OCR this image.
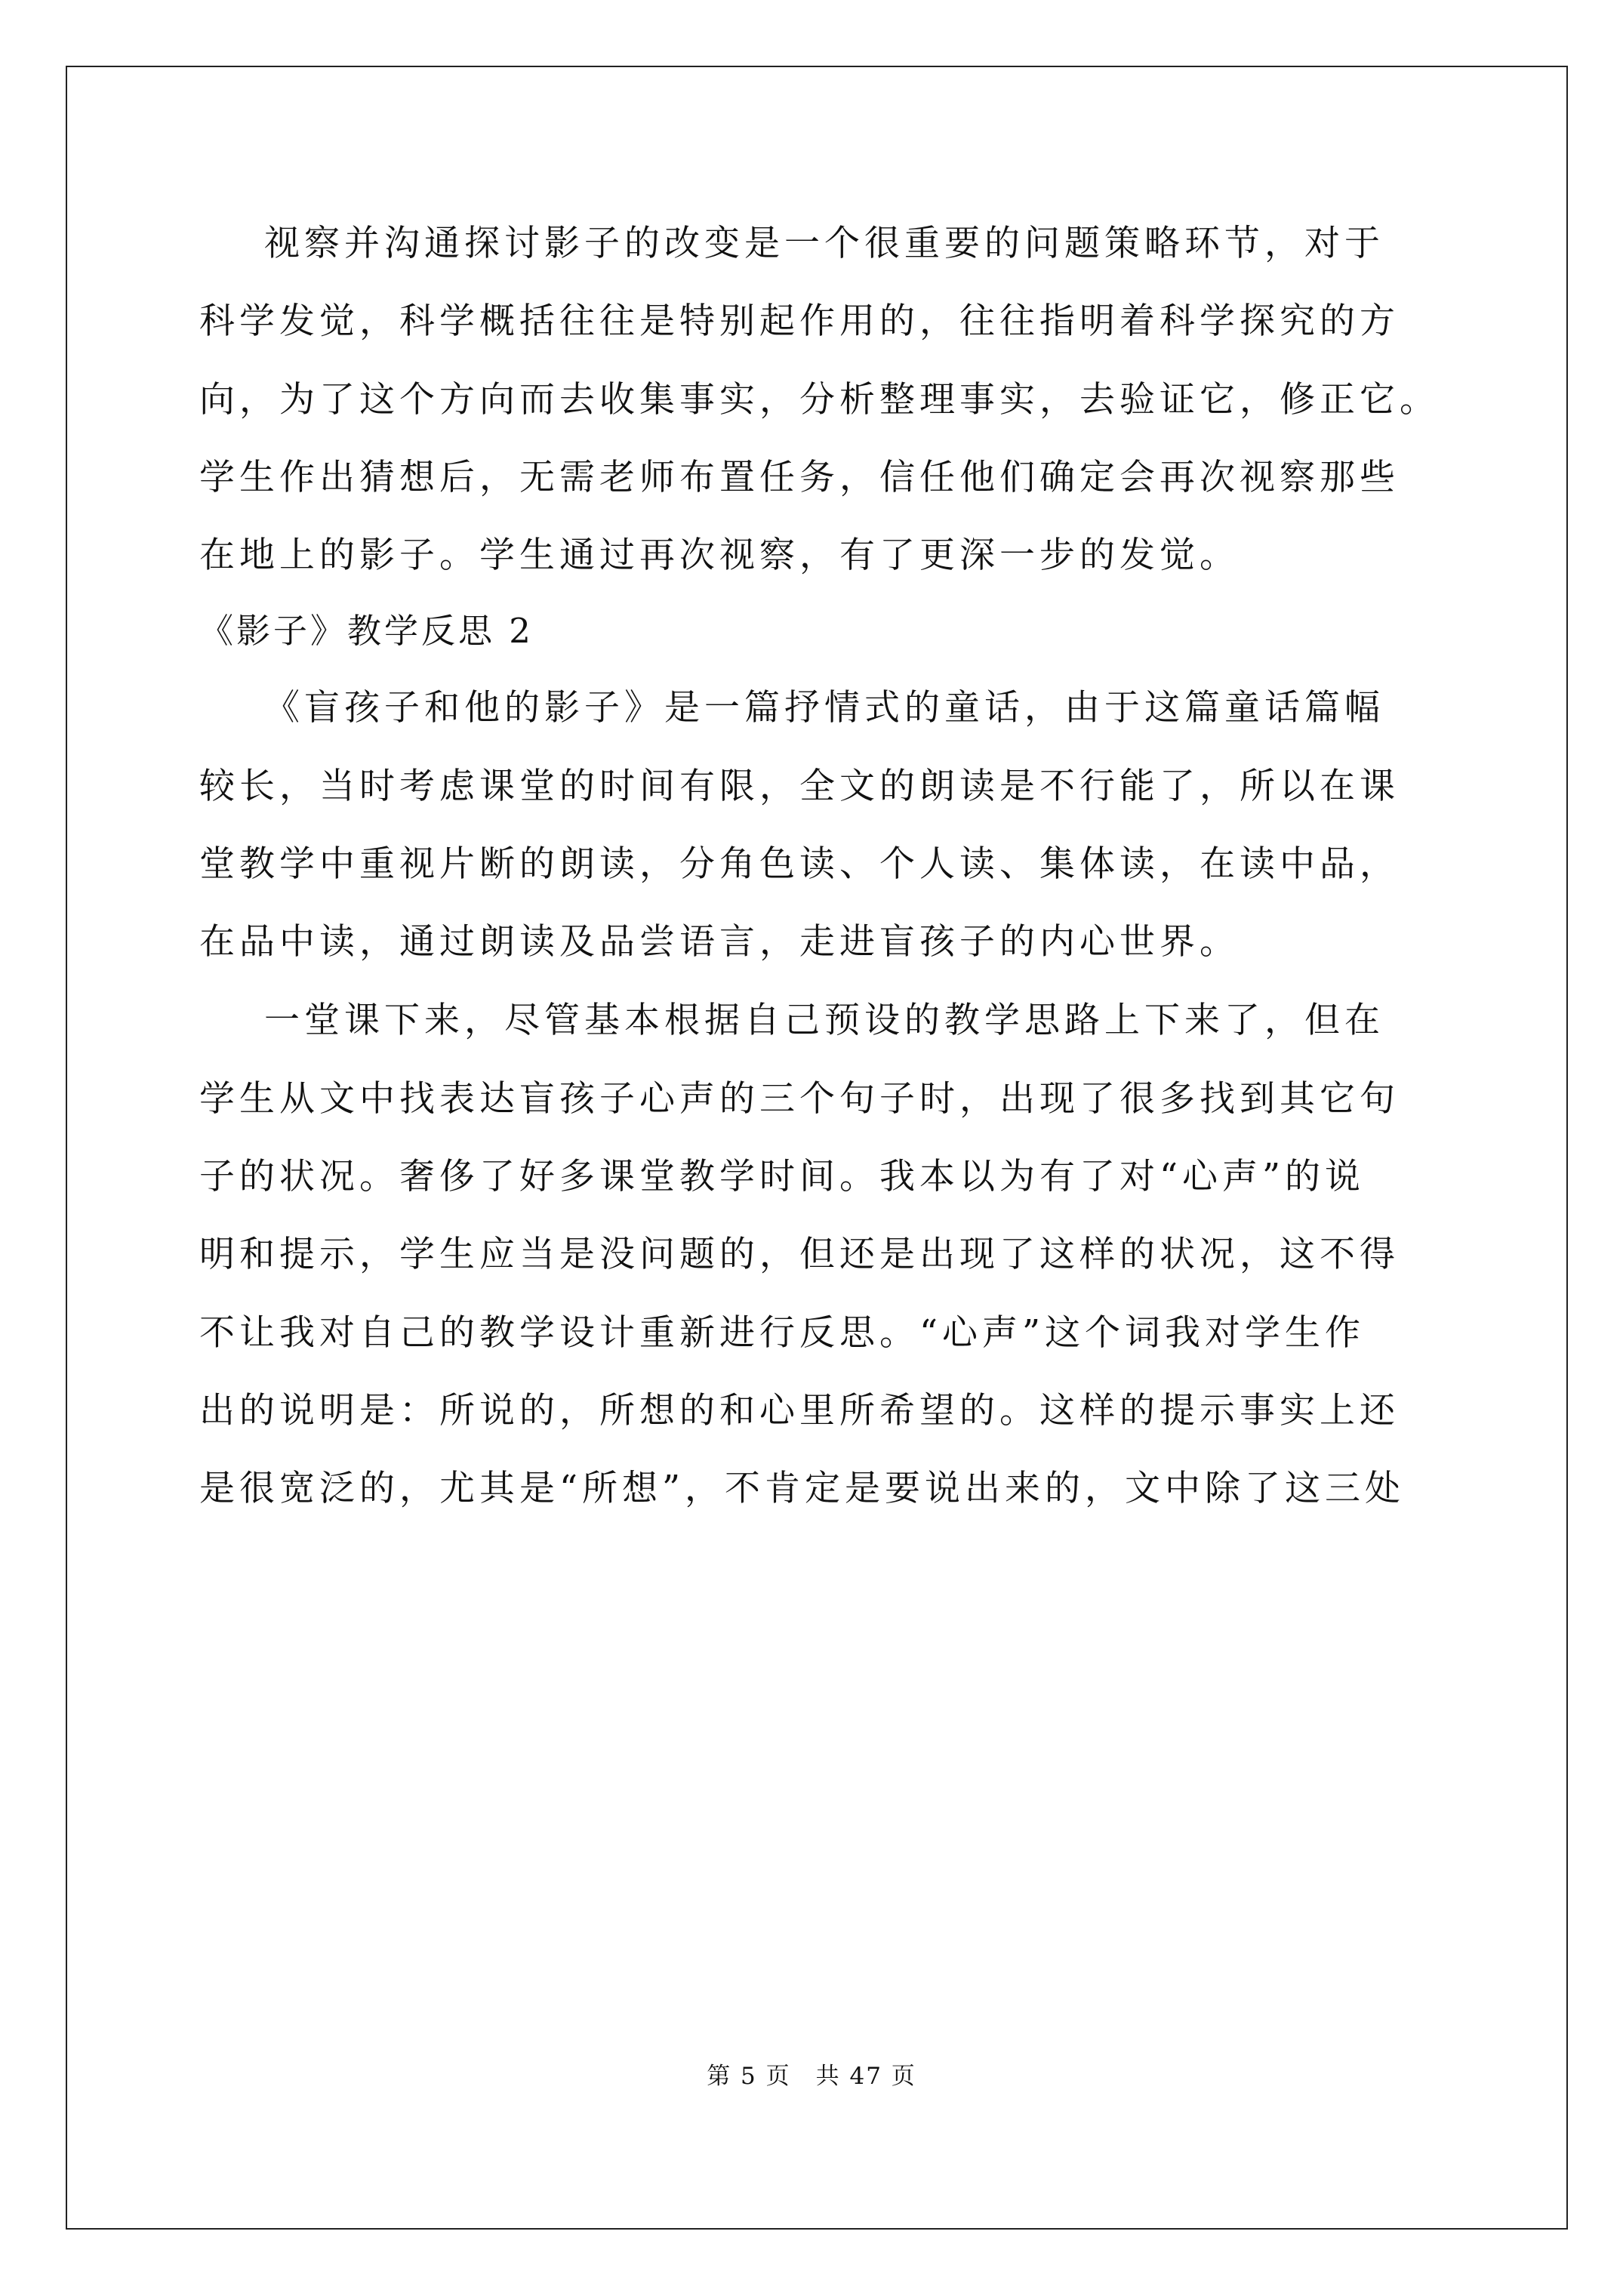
视察并沟通探讨影子的改变是一个很重要的问题策略环节，对于
科学发觉，科学概括往往是特别起作用的，往往指明着科学探究的方
向，为了这个方向而去收集事实，分析整理事实，去验证它，修正它。
学生作出猜想后，无需老师布置任务，信任他们确定会再次视察那些
在地上的影子。学生通过再次视察，有了更深一步的发觉。
《影子》教学反思 2
《盲孩子和他的影子》是一篇抒情式的童话，由于这篇童话篇幅
较长，当时考虑课堂的时间有限，全文的朗读是不行能了，所以在课
堂教学中重视片断的朗读，分角色读、个人读、集体读，在读中品，
在品中读，通过朗读及品尝语言，走进盲孩子的内心世界。
一堂课下来，尽管基本根据自己预设的教学思路上下来了，但在
学生从文中找表达盲孩子心声的三个句子时，出现了很多找到其它句
子的状况。奢侈了好多课堂教学时间。我本以为有了对“心声”的说
明和提示，学生应当是没问题的，但还是出现了这样的状况，这不得
不让我对自己的教学设计重新进行反思。“心声”这个词我对学生作
出的说明是：所说的，所想的和心里所希望的。这样的提示事实上还
是很宽泛的，尤其是“所想”，不肯定是要说出来的，文中除了这三处
第 5 页　共 47 页
